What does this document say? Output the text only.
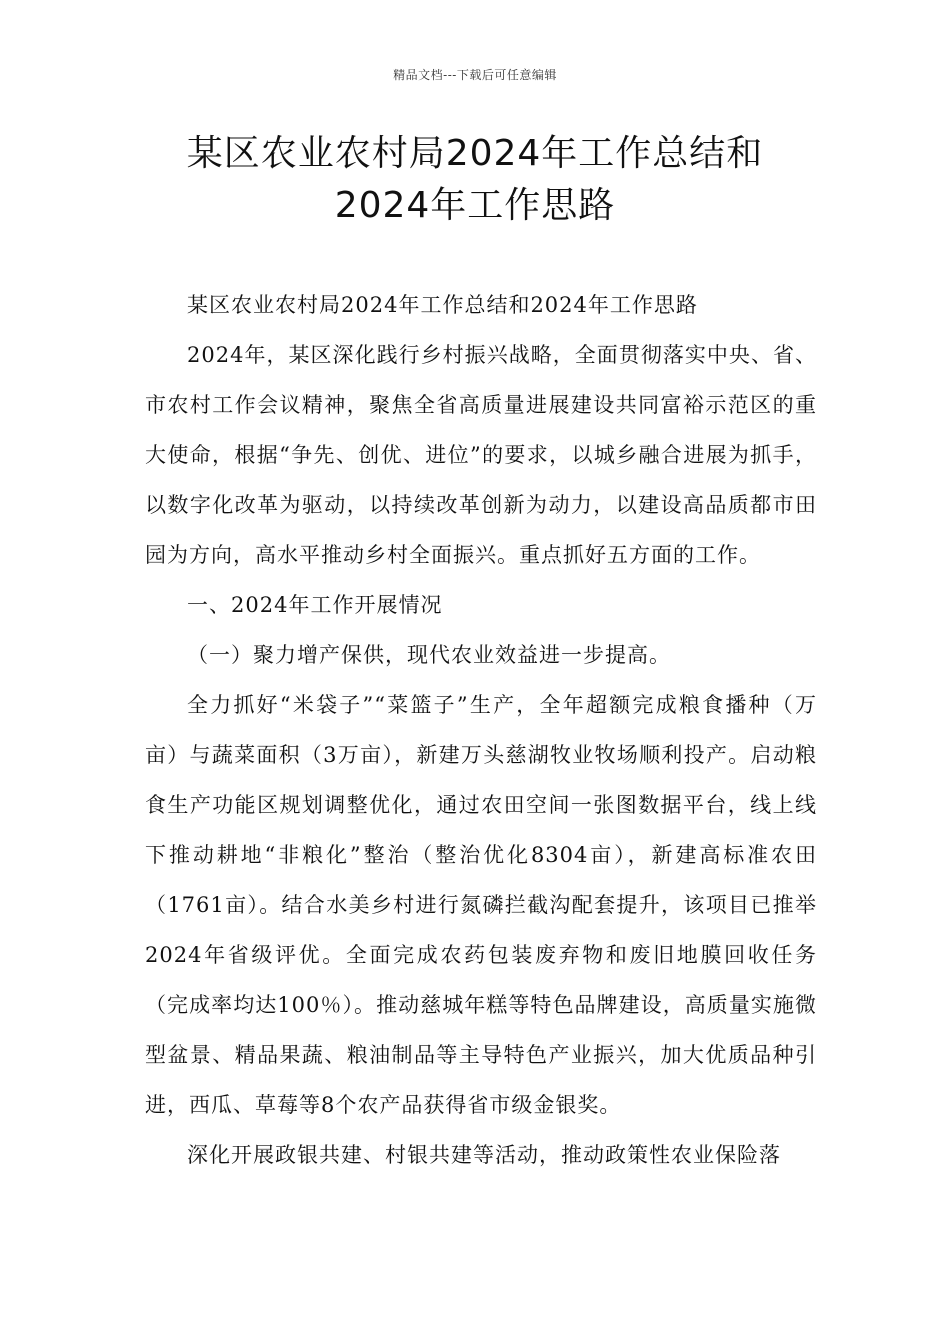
精品文档---下载后可任意编辑
某区农业农村局2024年工作总结和
2024年工作思路

某区农业农村局2024年工作总结和2024年工作思路

2024年，某区深化践行乡村振兴战略，全面贯彻落实中央、省、市农村工作会议精神，聚焦全省高质量进展建设共同富裕示范区的重大使命，根据“争先、创优、进位”的要求，以城乡融合进展为抓手，以数字化改革为驱动，以持续改革创新为动力，以建设高品质都市田园为方向，高水平推动乡村全面振兴。重点抓好五方面的工作。

一、2024年工作开展情况

（一）聚力增产保供，现代农业效益进一步提高。

全力抓好“米袋子”“菜篮子”生产，全年超额完成粮食播种（万亩）与蔬菜面积（3万亩），新建万头慈湖牧业牧场顺利投产。启动粮食生产功能区规划调整优化，通过农田空间一张图数据平台，线上线下推动耕地“非粮化”整治（整治优化8304亩），新建高标准农田（1761亩）。结合水美乡村进行氮磷拦截沟配套提升，该项目已推举2024年省级评优。全面完成农药包装废弃物和废旧地膜回收任务（完成率均达100％）。推动慈城年糕等特色品牌建设，高质量实施微型盆景、精品果蔬、粮油制品等主导特色产业振兴，加大优质品种引进，西瓜、草莓等8个农产品获得省市级金银奖。

深化开展政银共建、村银共建等活动，推动政策性农业保险落
